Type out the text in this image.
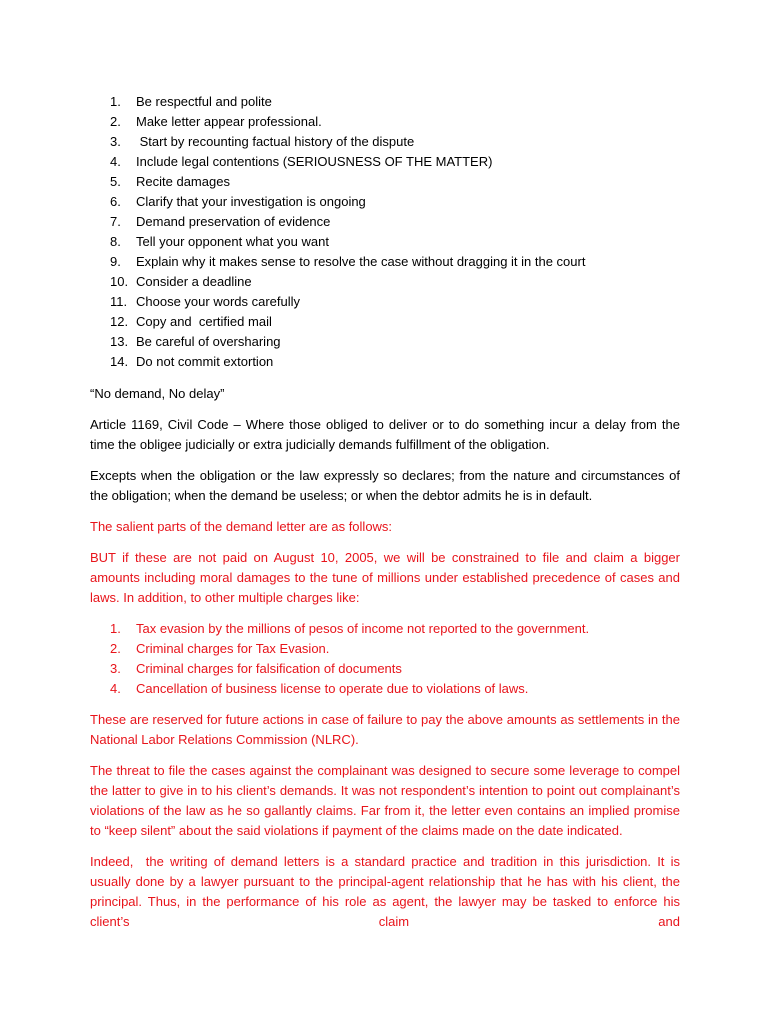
1.	Be respectful and polite
2.	Make letter appear professional.
3.	Start by recounting factual history of the dispute
4.	Include legal contentions (SERIOUSNESS OF THE MATTER)
5.	Recite damages
6.	Clarify that your investigation is ongoing
7.	Demand preservation of evidence
8.	Tell your opponent what you want
9.	Explain why it makes sense to resolve the case without dragging it in the court
10. Consider a deadline
11. Choose your words carefully
12. Copy and  certified mail
13. Be careful of oversharing
14. Do not commit extortion

“No demand, No delay”

Article 1169, Civil Code – Where those obliged to deliver or to do something incur a delay from the time the obligee judicially or extra judicially demands fulfillment of the obligation.

Excepts when the obligation or the law expressly so declares; from the nature and circumstances of the obligation; when the demand be useless; or when the debtor admits he is in default.

The salient parts of the demand letter are as follows:

BUT if these are not paid on August 10, 2005, we will be constrained to file and claim a bigger amounts including moral damages to the tune of millions under established precedence of cases and laws. In addition, to other multiple charges like:

1.	Tax evasion by the millions of pesos of income not reported to the government.
2.	Criminal charges for Tax Evasion.
3.	Criminal charges for falsification of documents
4.	Cancellation of business license to operate due to violations of laws.

These are reserved for future actions in case of failure to pay the above amounts as settlements in the National Labor Relations Commission (NLRC).

The threat to file the cases against the complainant was designed to secure some leverage to compel the latter to give in to his client’s demands. It was not respondent’s intention to point out complainant’s violations of the law as he so gallantly claims. Far from it, the letter even contains an implied promise to “keep silent” about the said violations if payment of the claims made on the date indicated.

Indeed,  the writing of demand letters is a standard practice and tradition in this jurisdiction. It is usually done by a lawyer pursuant to the principal-agent relationship that he has with his client, the principal. Thus, in the performance of his role as agent, the lawyer may be tasked to enforce his client’s claim and
